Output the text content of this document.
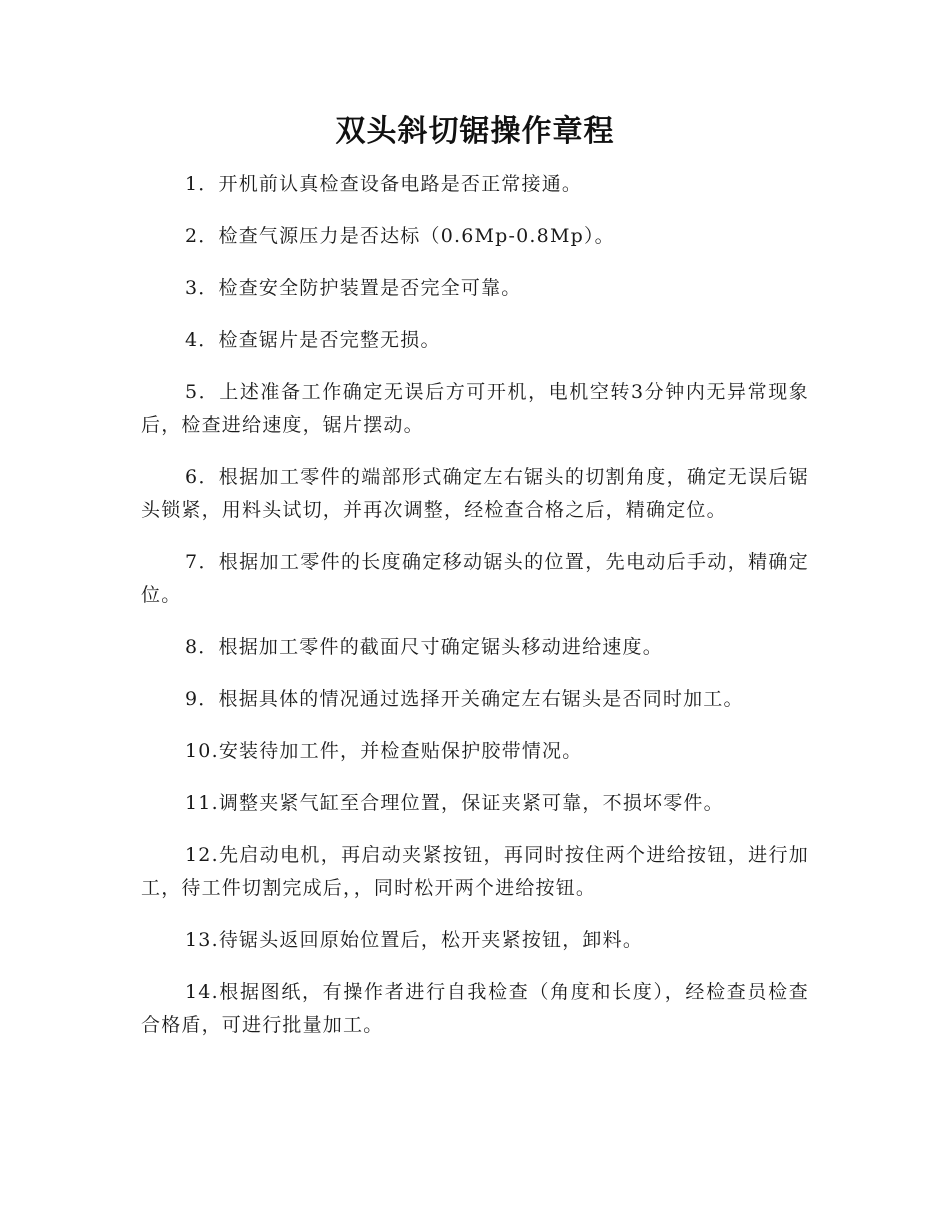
双头斜切锯操作章程

1．开机前认真检查设备电路是否正常接通。

2．检查气源压力是否达标（0.6Mp-0.8Mp）。

3．检查安全防护装置是否完全可靠。

4．检查锯片是否完整无损。

5．上述准备工作确定无误后方可开机，电机空转3分钟内无异常现象后，检查进给速度，锯片摆动。

6．根据加工零件的端部形式确定左右锯头的切割角度，确定无误后锯头锁紧，用料头试切，并再次调整，经检查合格之后，精确定位。

7．根据加工零件的长度确定移动锯头的位置，先电动后手动，精确定位。

8．根据加工零件的截面尺寸确定锯头移动进给速度。

9．根据具体的情况通过选择开关确定左右锯头是否同时加工。

10.安装待加工件，并检查贴保护胶带情况。

11.调整夹紧气缸至合理位置，保证夹紧可靠，不损坏零件。

12.先启动电机，再启动夹紧按钮，再同时按住两个进给按钮，进行加工，待工件切割完成后，，同时松开两个进给按钮。

13.待锯头返回原始位置后，松开夹紧按钮，卸料。

14.根据图纸，有操作者进行自我检查（角度和长度），经检查员检查合格盾，可进行批量加工。
